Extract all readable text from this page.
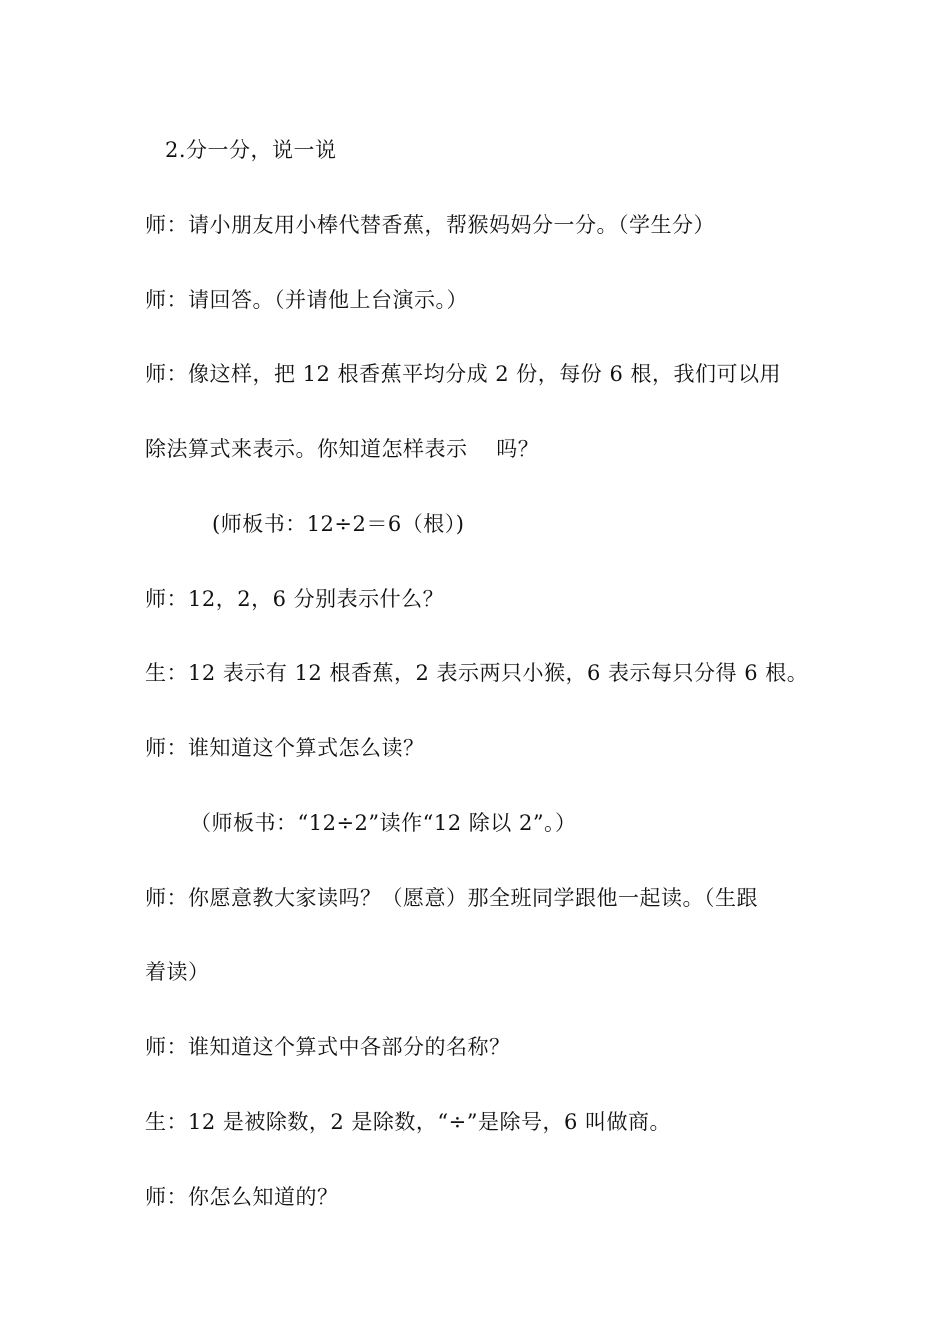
2.分一分，说一说
师：请小朋友用小棒代替香蕉，帮猴妈妈分一分。（学生分）
师：请回答。（并请他上台演示。）
师：像这样，把 12 根香蕉平均分成 2 份，每份 6 根，我们可以用
除法算式来表示。你知道怎样表示    吗？
(师板书：12÷2＝6（根）)
师：12，2，6 分别表示什么？
生：12 表示有 12 根香蕉，2 表示两只小猴，6 表示每只分得 6 根。
师：谁知道这个算式怎么读？
（师板书：“12÷2”读作“12 除以 2”。）
师：你愿意教大家读吗？（愿意）那全班同学跟他一起读。（生跟
着读）
师：谁知道这个算式中各部分的名称？
生：12 是被除数，2 是除数，“÷”是除号，6 叫做商。
师：你怎么知道的？
